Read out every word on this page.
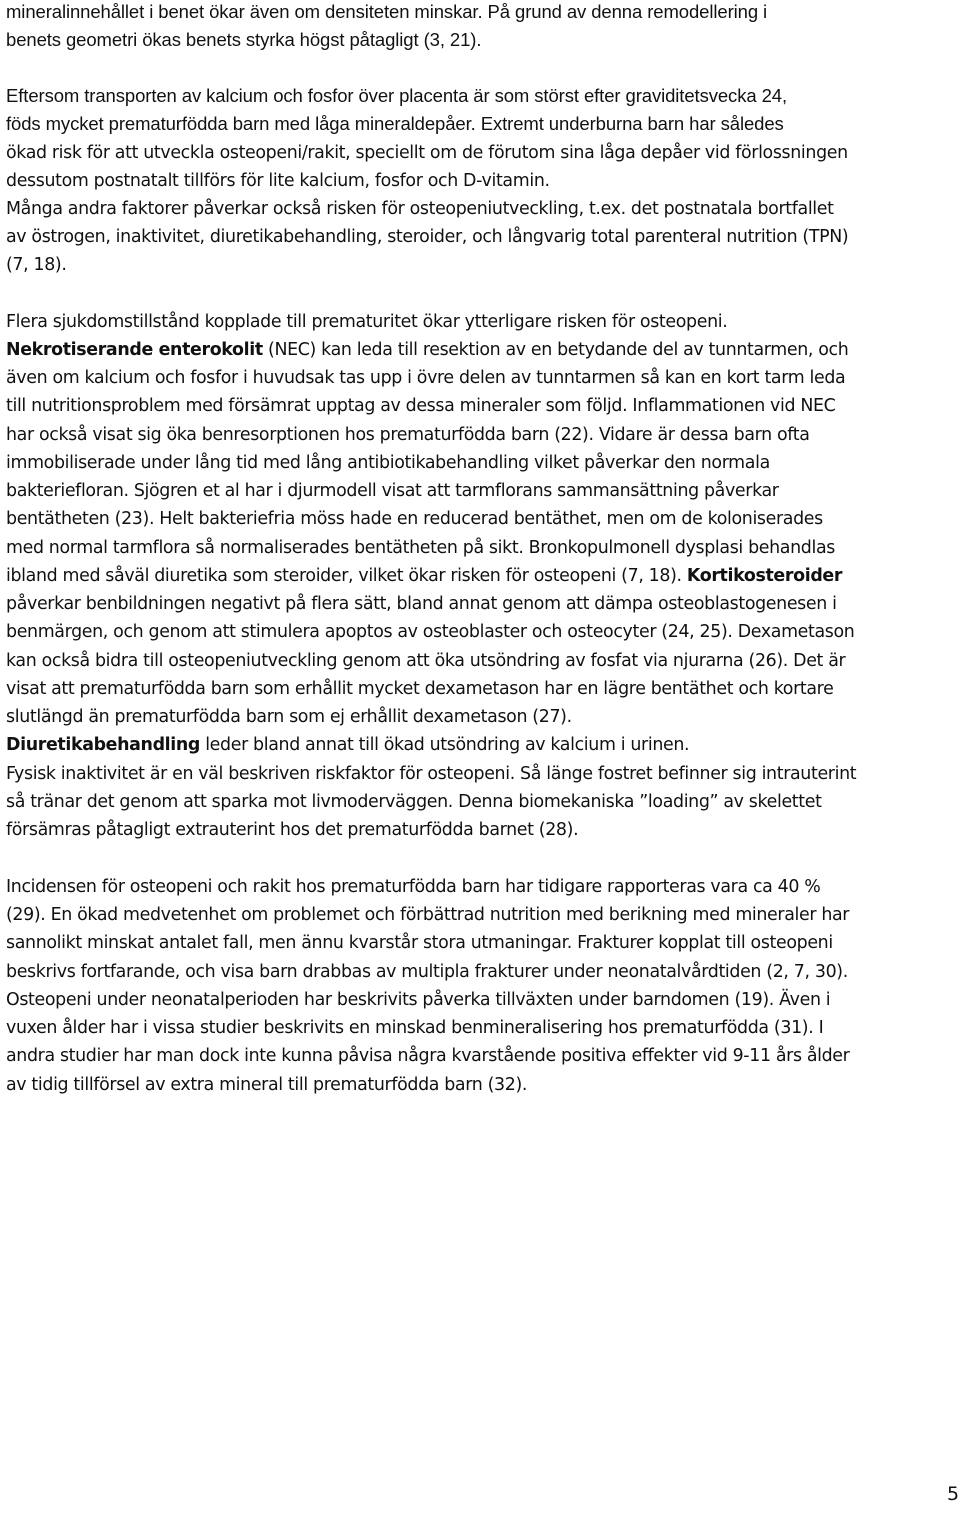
mineralinnehållet i benet ökar även om densiteten minskar. På grund av denna remodellering i
benets geometri ökas benets styrka högst påtagligt (3, 21).
Eftersom transporten av kalcium och fosfor över placenta är som störst efter graviditetsvecka 24,
föds mycket prematurfödda barn med låga mineraldepåer. Extremt underburna barn har således
ökad risk för att utveckla osteopeni/rakit, speciellt om de förutom sina låga depåer vid förlossningen
dessutom postnatalt tillförs för lite kalcium, fosfor och D-vitamin.
Många andra faktorer påverkar också risken för osteopeniutveckling, t.ex. det postnatala bortfallet
av östrogen, inaktivitet, diuretikabehandling, steroider, och långvarig total parenteral nutrition (TPN)
(7, 18).
Flera sjukdomstillstånd kopplade till prematuritet ökar ytterligare risken för osteopeni.
Nekrotiserande enterokolit (NEC) kan leda till resektion av en betydande del av tunntarmen, och
även om kalcium och fosfor i huvudsak tas upp i övre delen av tunntarmen så kan en kort tarm leda
till nutritionsproblem med försämrat upptag av dessa mineraler som följd. Inflammationen vid NEC
har också visat sig öka benresorptionen hos prematurfödda barn (22). Vidare är dessa barn ofta
immobiliserade under lång tid med lång antibiotikabehandling vilket påverkar den normala
bakteriefloran. Sjögren et al har i djurmodell visat att tarmflorans sammansättning påverkar
bentätheten (23). Helt bakteriefria möss hade en reducerad bentäthet, men om de koloniserades
med normal tarmflora så normaliserades bentätheten på sikt. Bronkopulmonell dysplasi behandlas
ibland med såväl diuretika som steroider, vilket ökar risken för osteopeni (7, 18). Kortikosteroider
påverkar benbildningen negativt på flera sätt, bland annat genom att dämpa osteoblastogenesen i
benmärgen, och genom att stimulera apoptos av osteoblaster och osteocyter (24, 25). Dexametason
kan också bidra till osteopeniutveckling genom att öka utsöndring av fosfat via njurarna (26). Det är
visat att prematurfödda barn som erhållit mycket dexametason har en lägre bentäthet och kortare
slutlängd än prematurfödda barn som ej erhållit dexametason (27).
Diuretikabehandling leder bland annat till ökad utsöndring av kalcium i urinen.
Fysisk inaktivitet är en väl beskriven riskfaktor för osteopeni. Så länge fostret befinner sig intrauterint
så tränar det genom att sparka mot livmoderväggen. Denna biomekaniska ”loading” av skelettet
försämras påtagligt extrauterint hos det prematurfödda barnet (28).
Incidensen för osteopeni och rakit hos prematurfödda barn har tidigare rapporteras vara ca 40 %
(29). En ökad medvetenhet om problemet och förbättrad nutrition med berikning med mineraler har
sannolikt minskat antalet fall, men ännu kvarstår stora utmaningar. Frakturer kopplat till osteopeni
beskrivs fortfarande, och visa barn drabbas av multipla frakturer under neonatalvårdtiden (2, 7, 30).
Osteopeni under neonatalperioden har beskrivits påverka tillväxten under barndomen (19). Även i
vuxen ålder har i vissa studier beskrivits en minskad benmineralisering hos prematurfödda (31). I
andra studier har man dock inte kunna påvisa några kvarstående positiva effekter vid 9-11 års ålder
av tidig tillförsel av extra mineral till prematurfödda barn (32).
5
